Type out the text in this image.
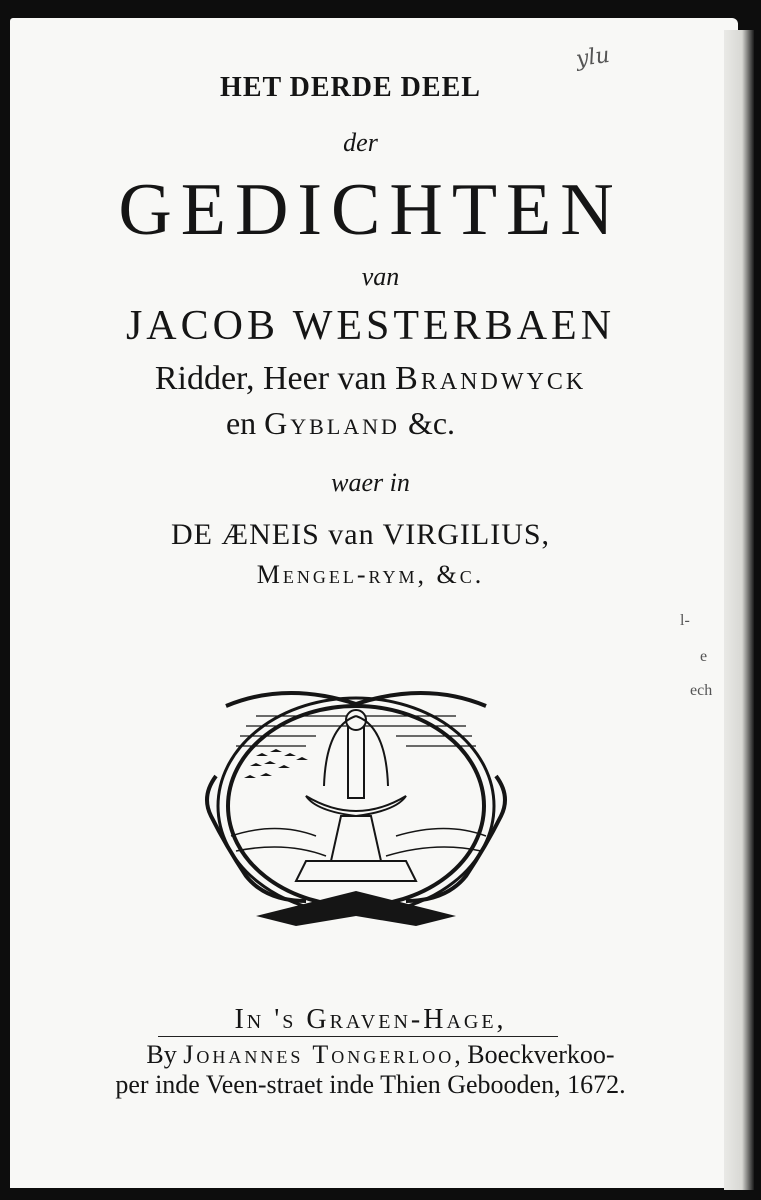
ylu
l-
e
ech
HET DERDE DEEL
der
GEDICHTEN
van
JACOB WESTERBAEN
Ridder, Heer van Brandwyck
en Gybland &c.
waer in
DE ÆNEIS van VIRGILIUS,
Mengel-rym, &c.
In 's Graven-Hage,
By Johannes Tongerloo, Boeckverkoo-
per inde Veen-straet inde Thien Gebooden, 1672.
